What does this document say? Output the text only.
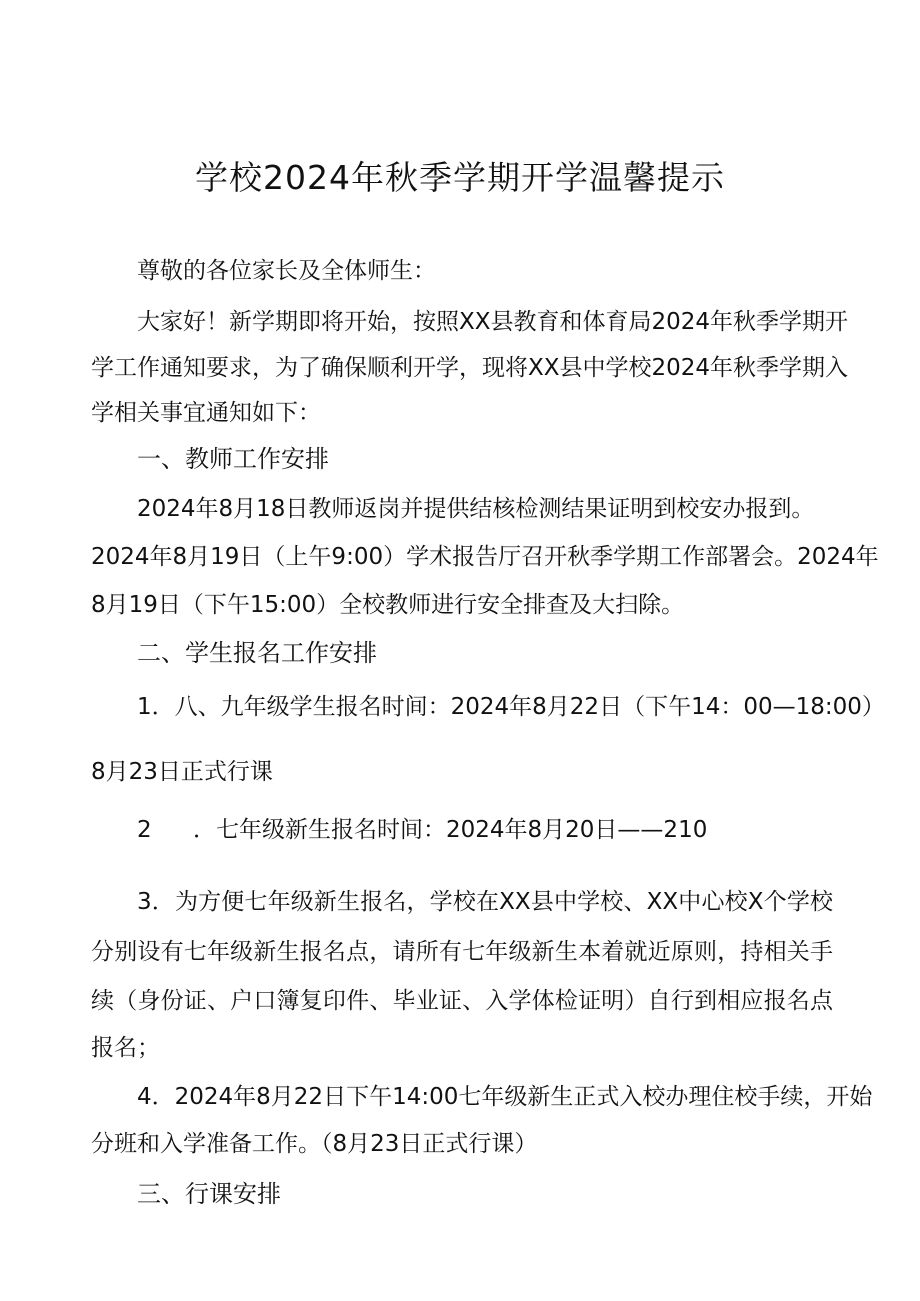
学校2024年秋季学期开学温馨提示
尊敬的各位家长及全体师生：
大家好！新学期即将开始，按照XX县教育和体育局2024年秋季学期开
学工作通知要求，为了确保顺利开学，现将XX县中学校2024年秋季学期入
学相关事宜通知如下：
一、教师工作安排
2024年8月18日教师返岗并提供结核检测结果证明到校安办报到。
2024年8月19日（上午9:00）学术报告厅召开秋季学期工作部署会。2024年
8月19日（下午15:00）全校教师进行安全排查及大扫除。
二、学生报名工作安排
1．八、九年级学生报名时间：2024年8月22日（下午14：00—18:00）
8月23日正式行课
2 ．七年级新生报名时间：2024年8月20日——210
3．为方便七年级新生报名，学校在XX县中学校、XX中心校X个学校
分别设有七年级新生报名点，请所有七年级新生本着就近原则，持相关手
续（身份证、户口簿复印件、毕业证、入学体检证明）自行到相应报名点
报名；
4．2024年8月22日下午14:00七年级新生正式入校办理住校手续，开始
分班和入学准备工作。（8月23日正式行课）
三、行课安排
